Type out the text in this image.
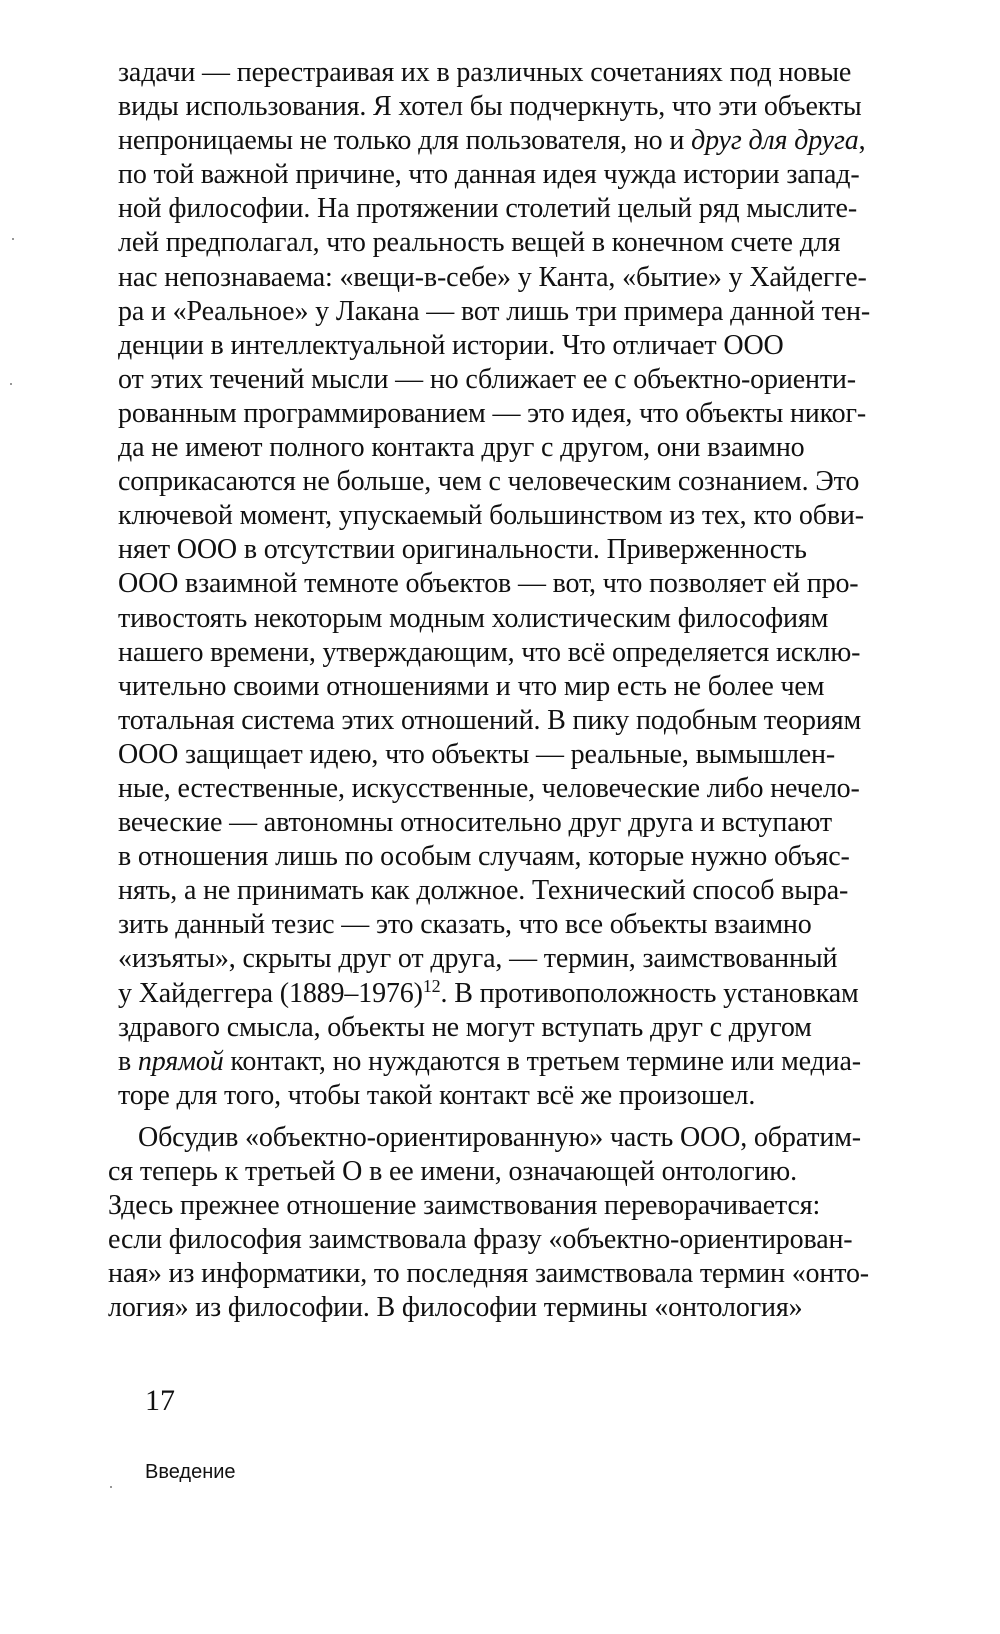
задачи — перестраивая их в различных сочетаниях под новые
виды использования. Я хотел бы подчеркнуть, что эти объекты
непроницаемы не только для пользователя, но и друг для друга,
по той важной причине, что данная идея чужда истории запад-
ной философии. На протяжении столетий целый ряд мыслите-
лей предполагал, что реальность вещей в конечном счете для
нас непознаваема: «вещи-в-себе» у Канта, «бытие» у Хайдегге-
ра и «Реальное» у Лакана — вот лишь три примера данной тен-
денции в интеллектуальной истории. Что отличает ООО
от этих течений мысли — но сближает ее с объектно-ориенти-
рованным программированием — это идея, что объекты никог-
да не имеют полного контакта друг с другом, они взаимно
соприкасаются не больше, чем с человеческим сознанием. Это
ключевой момент, упускаемый большинством из тех, кто обви-
няет ООО в отсутствии оригинальности. Приверженность
ООО взаимной темноте объектов — вот, что позволяет ей про-
тивостоять некоторым модным холистическим философиям
нашего времени, утверждающим, что всё определяется исклю-
чительно своими отношениями и что мир есть не более чем
тотальная система этих отношений. В пику подобным теориям
ООО защищает идею, что объекты — реальные, вымышлен-
ные, естественные, искусственные, человеческие либо нечело-
веческие — автономны относительно друг друга и вступают
в отношения лишь по особым случаям, которые нужно объяс-
нять, а не принимать как должное. Технический способ выра-
зить данный тезис — это сказать, что все объекты взаимно
«изъяты», скрыты друг от друга, — термин, заимствованный
у Хайдеггера (1889–1976)$^{12}$. В противоположность установкам
здравого смысла, объекты не могут вступать друг с другом
в прямой контакт, но нуждаются в третьем термине или медиа-
торе для того, чтобы такой контакт всё же произошел.
Обсудив «объектно-ориентированную» часть ООО, обратим-
ся теперь к третьей О в ее имени, означающей онтологию.
Здесь прежнее отношение заимствования переворачивается:
если философия заимствовала фразу «объектно-ориентирован-
ная» из информатики, то последняя заимствовала термин «онто-
логия» из философии. В философии термины «онтология»
17
Введение
